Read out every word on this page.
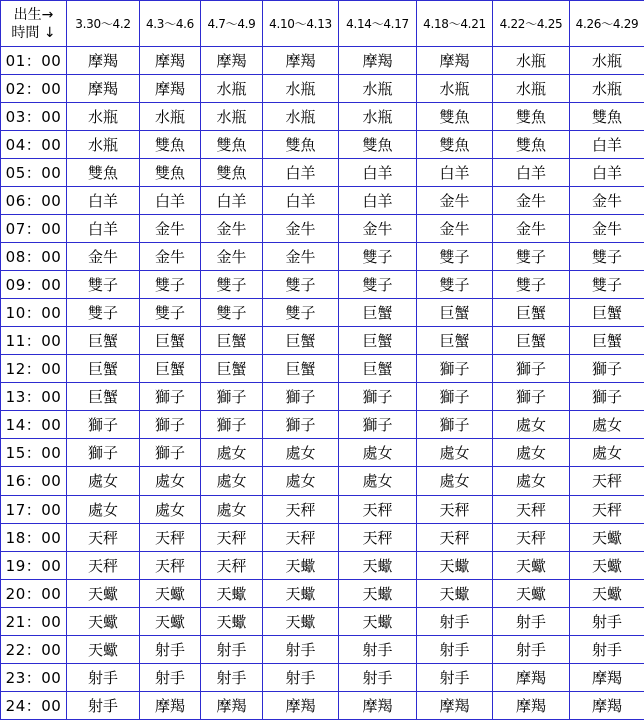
出生→
時間 ↓	3.30～4.2	4.3～4.6	4.7～4.9	4.10～4.13	4.14～4.17	4.18～4.21	4.22～4.25	4.26～4.29
01：00	摩羯	摩羯	摩羯	摩羯	摩羯	摩羯	水瓶	水瓶
02：00	摩羯	摩羯	水瓶	水瓶	水瓶	水瓶	水瓶	水瓶
03：00	水瓶	水瓶	水瓶	水瓶	水瓶	雙魚	雙魚	雙魚
04：00	水瓶	雙魚	雙魚	雙魚	雙魚	雙魚	雙魚	白羊
05：00	雙魚	雙魚	雙魚	白羊	白羊	白羊	白羊	白羊
06：00	白羊	白羊	白羊	白羊	白羊	金牛	金牛	金牛
07：00	白羊	金牛	金牛	金牛	金牛	金牛	金牛	金牛
08：00	金牛	金牛	金牛	金牛	雙子	雙子	雙子	雙子
09：00	雙子	雙子	雙子	雙子	雙子	雙子	雙子	雙子
10：00	雙子	雙子	雙子	雙子	巨蟹	巨蟹	巨蟹	巨蟹
11：00	巨蟹	巨蟹	巨蟹	巨蟹	巨蟹	巨蟹	巨蟹	巨蟹
12：00	巨蟹	巨蟹	巨蟹	巨蟹	巨蟹	獅子	獅子	獅子
13：00	巨蟹	獅子	獅子	獅子	獅子	獅子	獅子	獅子
14：00	獅子	獅子	獅子	獅子	獅子	獅子	處女	處女
15：00	獅子	獅子	處女	處女	處女	處女	處女	處女
16：00	處女	處女	處女	處女	處女	處女	處女	天秤
17：00	處女	處女	處女	天秤	天秤	天秤	天秤	天秤
18：00	天秤	天秤	天秤	天秤	天秤	天秤	天秤	天蠍
19：00	天秤	天秤	天秤	天蠍	天蠍	天蠍	天蠍	天蠍
20：00	天蠍	天蠍	天蠍	天蠍	天蠍	天蠍	天蠍	天蠍
21：00	天蠍	天蠍	天蠍	天蠍	天蠍	射手	射手	射手
22：00	天蠍	射手	射手	射手	射手	射手	射手	射手
23：00	射手	射手	射手	射手	射手	射手	摩羯	摩羯
24：00	射手	摩羯	摩羯	摩羯	摩羯	摩羯	摩羯	摩羯
